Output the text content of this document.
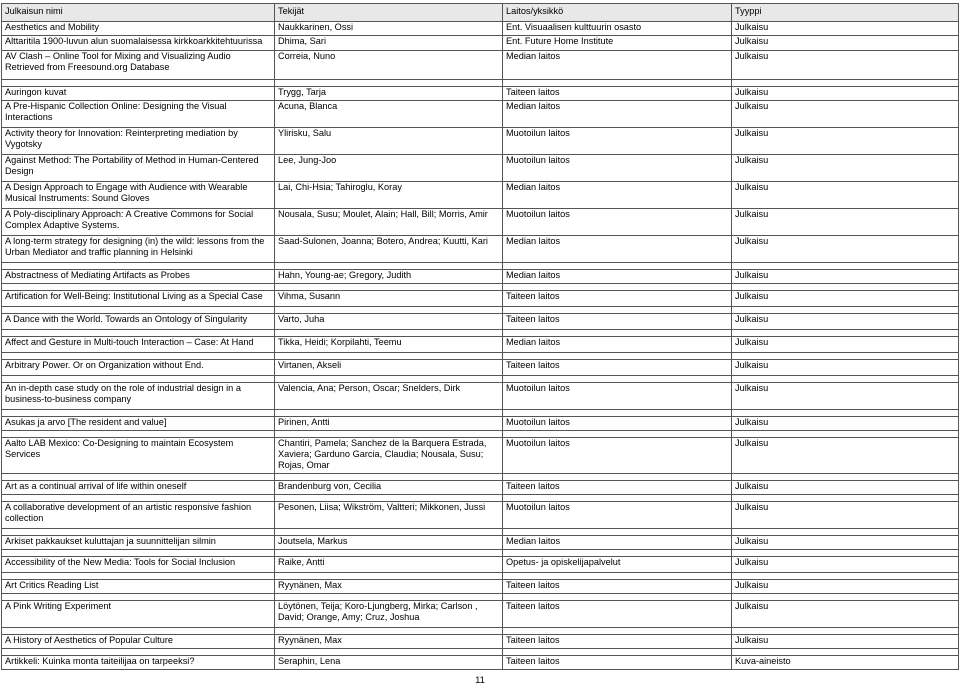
Julkaisun nimi	Tekijät	Laitos/yksikkö	Tyyppi
Aesthetics and Mobility	Naukkarinen, Ossi	Ent. Visuaalisen kulttuurin osasto	Julkaisu
Alttaritila 1900-luvun alun suomalaisessa kirkkoarkkitehtuurissa	Dhima, Sari	Ent. Future Home Institute	Julkaisu
AV Clash – Online Tool for Mixing and Visualizing Audio Retrieved from Freesound.org Database	Correia, Nuno	Median laitos	Julkaisu

Auringon kuvat	Trygg, Tarja	Taiteen laitos	Julkaisu
A Pre-Hispanic Collection Online: Designing the Visual Interactions	Acuna, Blanca	Median laitos	Julkaisu
Activity theory for Innovation: Reinterpreting mediation by Vygotsky	Ylirisku, Salu	Muotoilun laitos	Julkaisu
Against Method: The Portability of Method in Human-Centered Design	Lee, Jung-Joo	Muotoilun laitos	Julkaisu
A Design Approach to Engage with Audience with Wearable Musical Instruments: Sound Gloves	Lai, Chi-Hsia; Tahiroglu, Koray	Median laitos	Julkaisu
A Poly-disciplinary Approach: A Creative Commons for Social Complex Adaptive Systems.	Nousala, Susu; Moulet, Alain; Hall, Bill; Morris, Amir	Muotoilun laitos	Julkaisu
A long-term strategy for designing (in) the wild: lessons from the Urban Mediator and traffic planning in Helsinki	Saad-Sulonen, Joanna; Botero, Andrea; Kuutti, Kari	Median laitos	Julkaisu

Abstractness of Mediating Artifacts as Probes	Hahn, Young-ae; Gregory, Judith	Median laitos	Julkaisu

Artification for Well-Being: Institutional Living as a Special Case	Vihma, Susann	Taiteen laitos	Julkaisu

A Dance with the World. Towards an Ontology of Singularity	Varto, Juha	Taiteen laitos	Julkaisu

Affect and Gesture in Multi-touch Interaction – Case: At Hand	Tikka, Heidi; Korpilahti, Teemu	Median laitos	Julkaisu

Arbitrary Power. Or on Organization without End.	Virtanen, Akseli	Taiteen laitos	Julkaisu

An in-depth case study on the role of industrial design in a business-to-business company	Valencia, Ana; Person, Oscar; Snelders, Dirk	Muotoilun laitos	Julkaisu

Asukas ja arvo [The resident and value]	Pirinen, Antti	Muotoilun laitos	Julkaisu

Aalto LAB Mexico: Co-Designing to maintain Ecosystem Services	Chantiri, Pamela; Sanchez de la Barquera Estrada, Xaviera; Garduno Garcia, Claudia; Nousala, Susu; Rojas, Omar	Muotoilun laitos	Julkaisu

Art as a continual arrival of life within oneself	Brandenburg von, Cecilia	Taiteen laitos	Julkaisu

A collaborative development of an artistic responsive fashion collection	Pesonen, Liisa; Wikström, Valtteri; Mikkonen, Jussi	Muotoilun laitos	Julkaisu

Arkiset pakkaukset kuluttajan ja suunnittelijan silmin	Joutsela, Markus	Median laitos	Julkaisu

Accessibility of the New Media: Tools for Social Inclusion	Raike, Antti	Opetus- ja opiskelijapalvelut	Julkaisu

Art Critics Reading List	Ryynänen, Max	Taiteen laitos	Julkaisu

A Pink Writing Experiment	Löytönen, Teija; Koro-Ljungberg, Mirka; Carlson , David; Orange, Amy; Cruz, Joshua	Taiteen laitos	Julkaisu

A History of Aesthetics of Popular Culture	Ryynänen, Max	Taiteen laitos	Julkaisu

Artikkeli: Kuinka monta taiteilijaa on tarpeeksi?	Seraphin, Lena	Taiteen laitos	Kuva-aineisto
11
